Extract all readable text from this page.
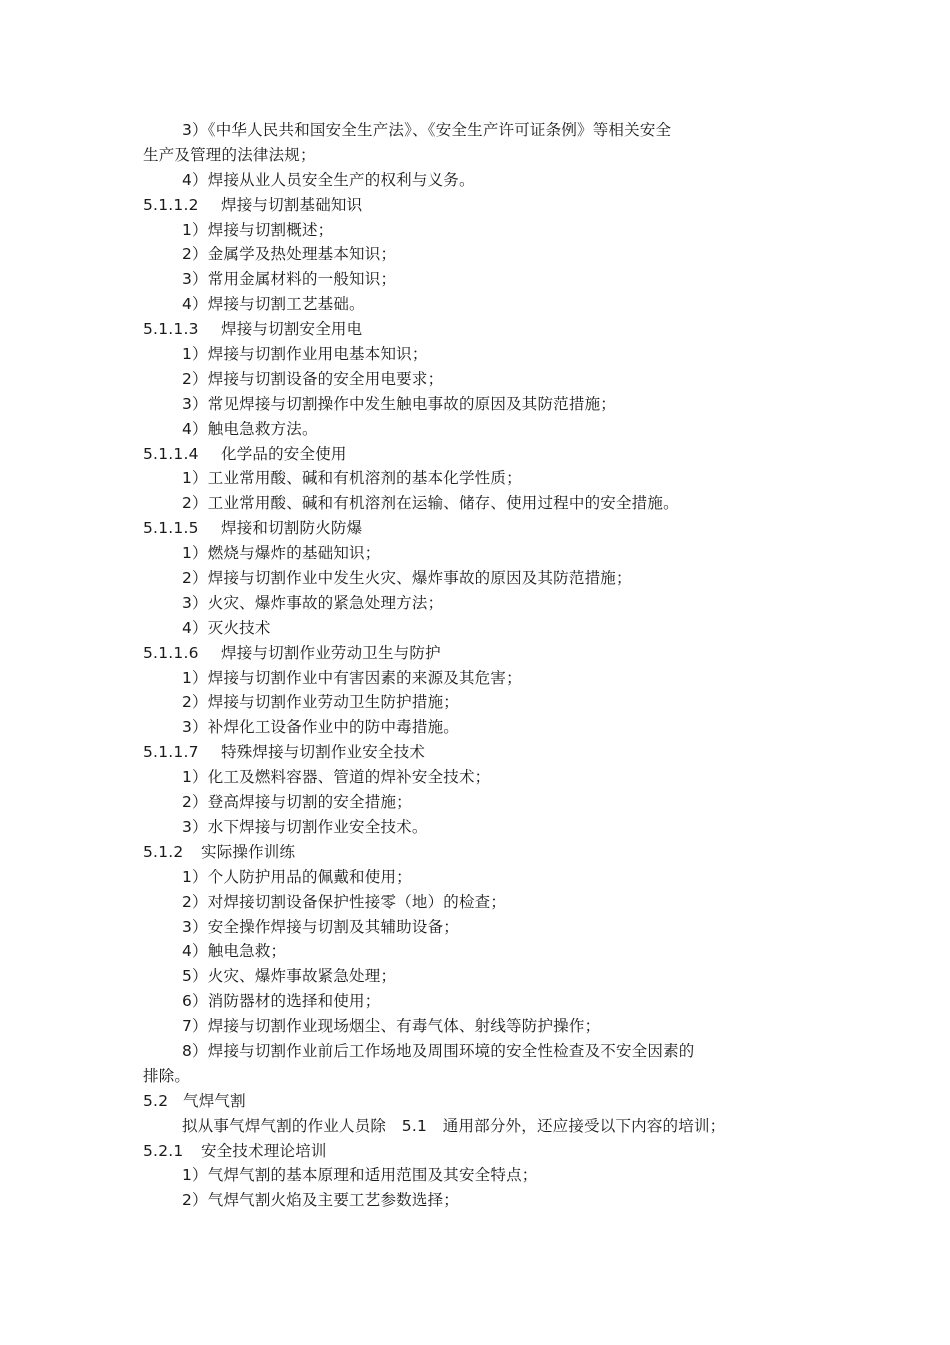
3）《中华人民共和国安全生产法》、《安全生产许可证条例》等相关安全
生产及管理的法律法规；
4）焊接从业人员安全生产的权利与义务。
5.1.1.2 焊接与切割基础知识
1）焊接与切割概述；
2）金属学及热处理基本知识；
3）常用金属材料的一般知识；
4）焊接与切割工艺基础。
5.1.1.3 焊接与切割安全用电
1）焊接与切割作业用电基本知识；
2）焊接与切割设备的安全用电要求；
3）常见焊接与切割操作中发生触电事故的原因及其防范措施；
4）触电急救方法。
5.1.1.4 化学品的安全使用
1）工业常用酸、碱和有机溶剂的基本化学性质；
2）工业常用酸、碱和有机溶剂在运输、储存、使用过程中的安全措施。
5.1.1.5 焊接和切割防火防爆
1）燃烧与爆炸的基础知识；
2）焊接与切割作业中发生火灾、爆炸事故的原因及其防范措施；
3）火灾、爆炸事故的紧急处理方法；
4）灭火技术
5.1.1.6 焊接与切割作业劳动卫生与防护
1）焊接与切割作业中有害因素的来源及其危害；
2）焊接与切割作业劳动卫生防护措施；
3）补焊化工设备作业中的防中毒措施。
5.1.1.7 特殊焊接与切割作业安全技术
1）化工及燃料容器、管道的焊补安全技术；
2）登高焊接与切割的安全措施；
3）水下焊接与切割作业安全技术。
5.1.2 实际操作训练
1）个人防护用品的佩戴和使用；
2）对焊接切割设备保护性接零（地）的检查；
3）安全操作焊接与切割及其辅助设备；
4）触电急救；
5）火灾、爆炸事故紧急处理；
6）消防器材的选择和使用；
7）焊接与切割作业现场烟尘、有毒气体、射线等防护操作；
8）焊接与切割作业前后工作场地及周围环境的安全性检查及不安全因素的
排除。
5.2 气焊气割
拟从事气焊气割的作业人员除　5.1　通用部分外，还应接受以下内容的培训；
5.2.1 安全技术理论培训
1）气焊气割的基本原理和适用范围及其安全特点；
2）气焊气割火焰及主要工艺参数选择；
